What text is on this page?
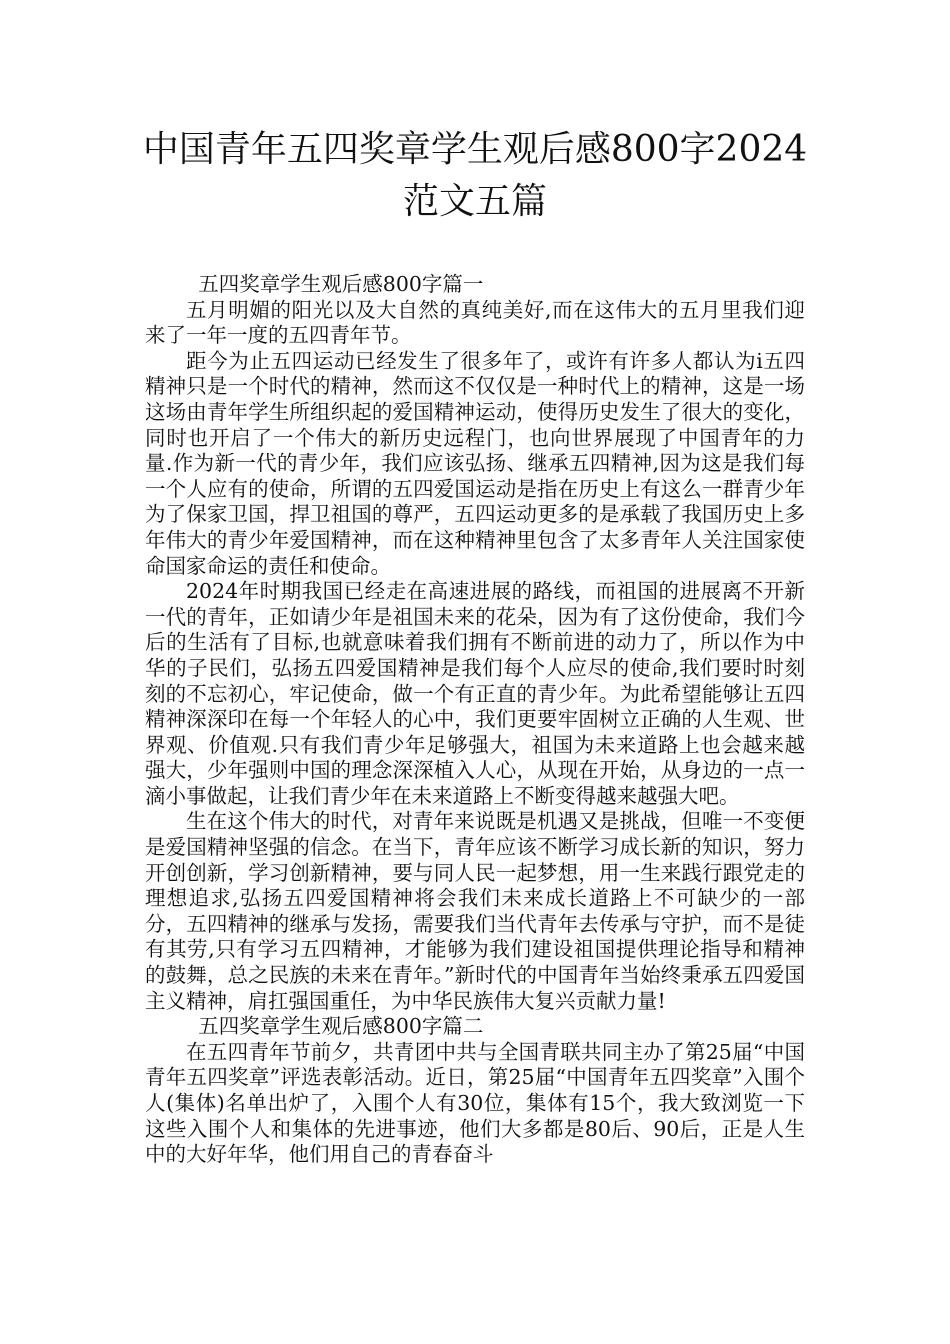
中国青年五四奖章学生观后感800字2024
范文五篇

五四奖章学生观后感800字篇一

五月明媚的阳光以及大自然的真纯美好,而在这伟大的五月里我们迎来了一年一度的五四青年节。

距今为止五四运动已经发生了很多年了，或许有许多人都认为i五四精神只是一个时代的精神，然而这不仅仅是一种时代上的精神，这是一场这场由青年学生所组织起的爱国精神运动，使得历史发生了很大的变化，同时也开启了一个伟大的新历史远程门，也向世界展现了中国青年的力量.作为新一代的青少年，我们应该弘扬、继承五四精神,因为这是我们每一个人应有的使命，所谓的五四爱国运动是指在历史上有这么一群青少年为了保家卫国，捍卫祖国的尊严，五四运动更多的是承载了我国历史上多年伟大的青少年爱国精神，而在这种精神里包含了太多青年人关注国家使命国家命运的责任和使命。

2024年时期我国已经走在高速进展的路线，而祖国的进展离不开新一代的青年，正如请少年是祖国未来的花朵，因为有了这份使命，我们今后的生活有了目标,也就意味着我们拥有不断前进的动力了，所以作为中华的子民们，弘扬五四爱国精神是我们每个人应尽的使命,我们要时时刻刻的不忘初心，牢记使命，做一个有正直的青少年。为此希望能够让五四精神深深印在每一个年轻人的心中，我们更要牢固树立正确的人生观、世界观、价值观.只有我们青少年足够强大，祖国为未来道路上也会越来越强大，少年强则中国的理念深深植入人心，从现在开始，从身边的一点一滴小事做起，让我们青少年在未来道路上不断变得越来越强大吧。

生在这个伟大的时代，对青年来说既是机遇又是挑战，但唯一不变便是爱国精神坚强的信念。在当下，青年应该不断学习成长新的知识，努力开创创新，学习创新精神，要与同人民一起梦想，用一生来践行跟党走的理想追求,弘扬五四爱国精神将会我们未来成长道路上不可缺少的一部分，五四精神的继承与发扬，需要我们当代青年去传承与守护，而不是徒有其劳,只有学习五四精神，才能够为我们建设祖国提供理论指导和精神的鼓舞，总之民族的未来在青年。”新时代的中国青年当始终秉承五四爱国主义精神，肩扛强国重任，为中华民族伟大复兴贡献力量!

五四奖章学生观后感800字篇二

在五四青年节前夕，共青团中共与全国青联共同主办了第25届“中国青年五四奖章”评选表彰活动。近日，第25届“中国青年五四奖章”入围个人(集体)名单出炉了，入围个人有30位，集体有15个，我大致浏览一下这些入围个人和集体的先进事迹，他们大多都是80后、90后，正是人生中的大好年华，他们用自己的青春奋斗
